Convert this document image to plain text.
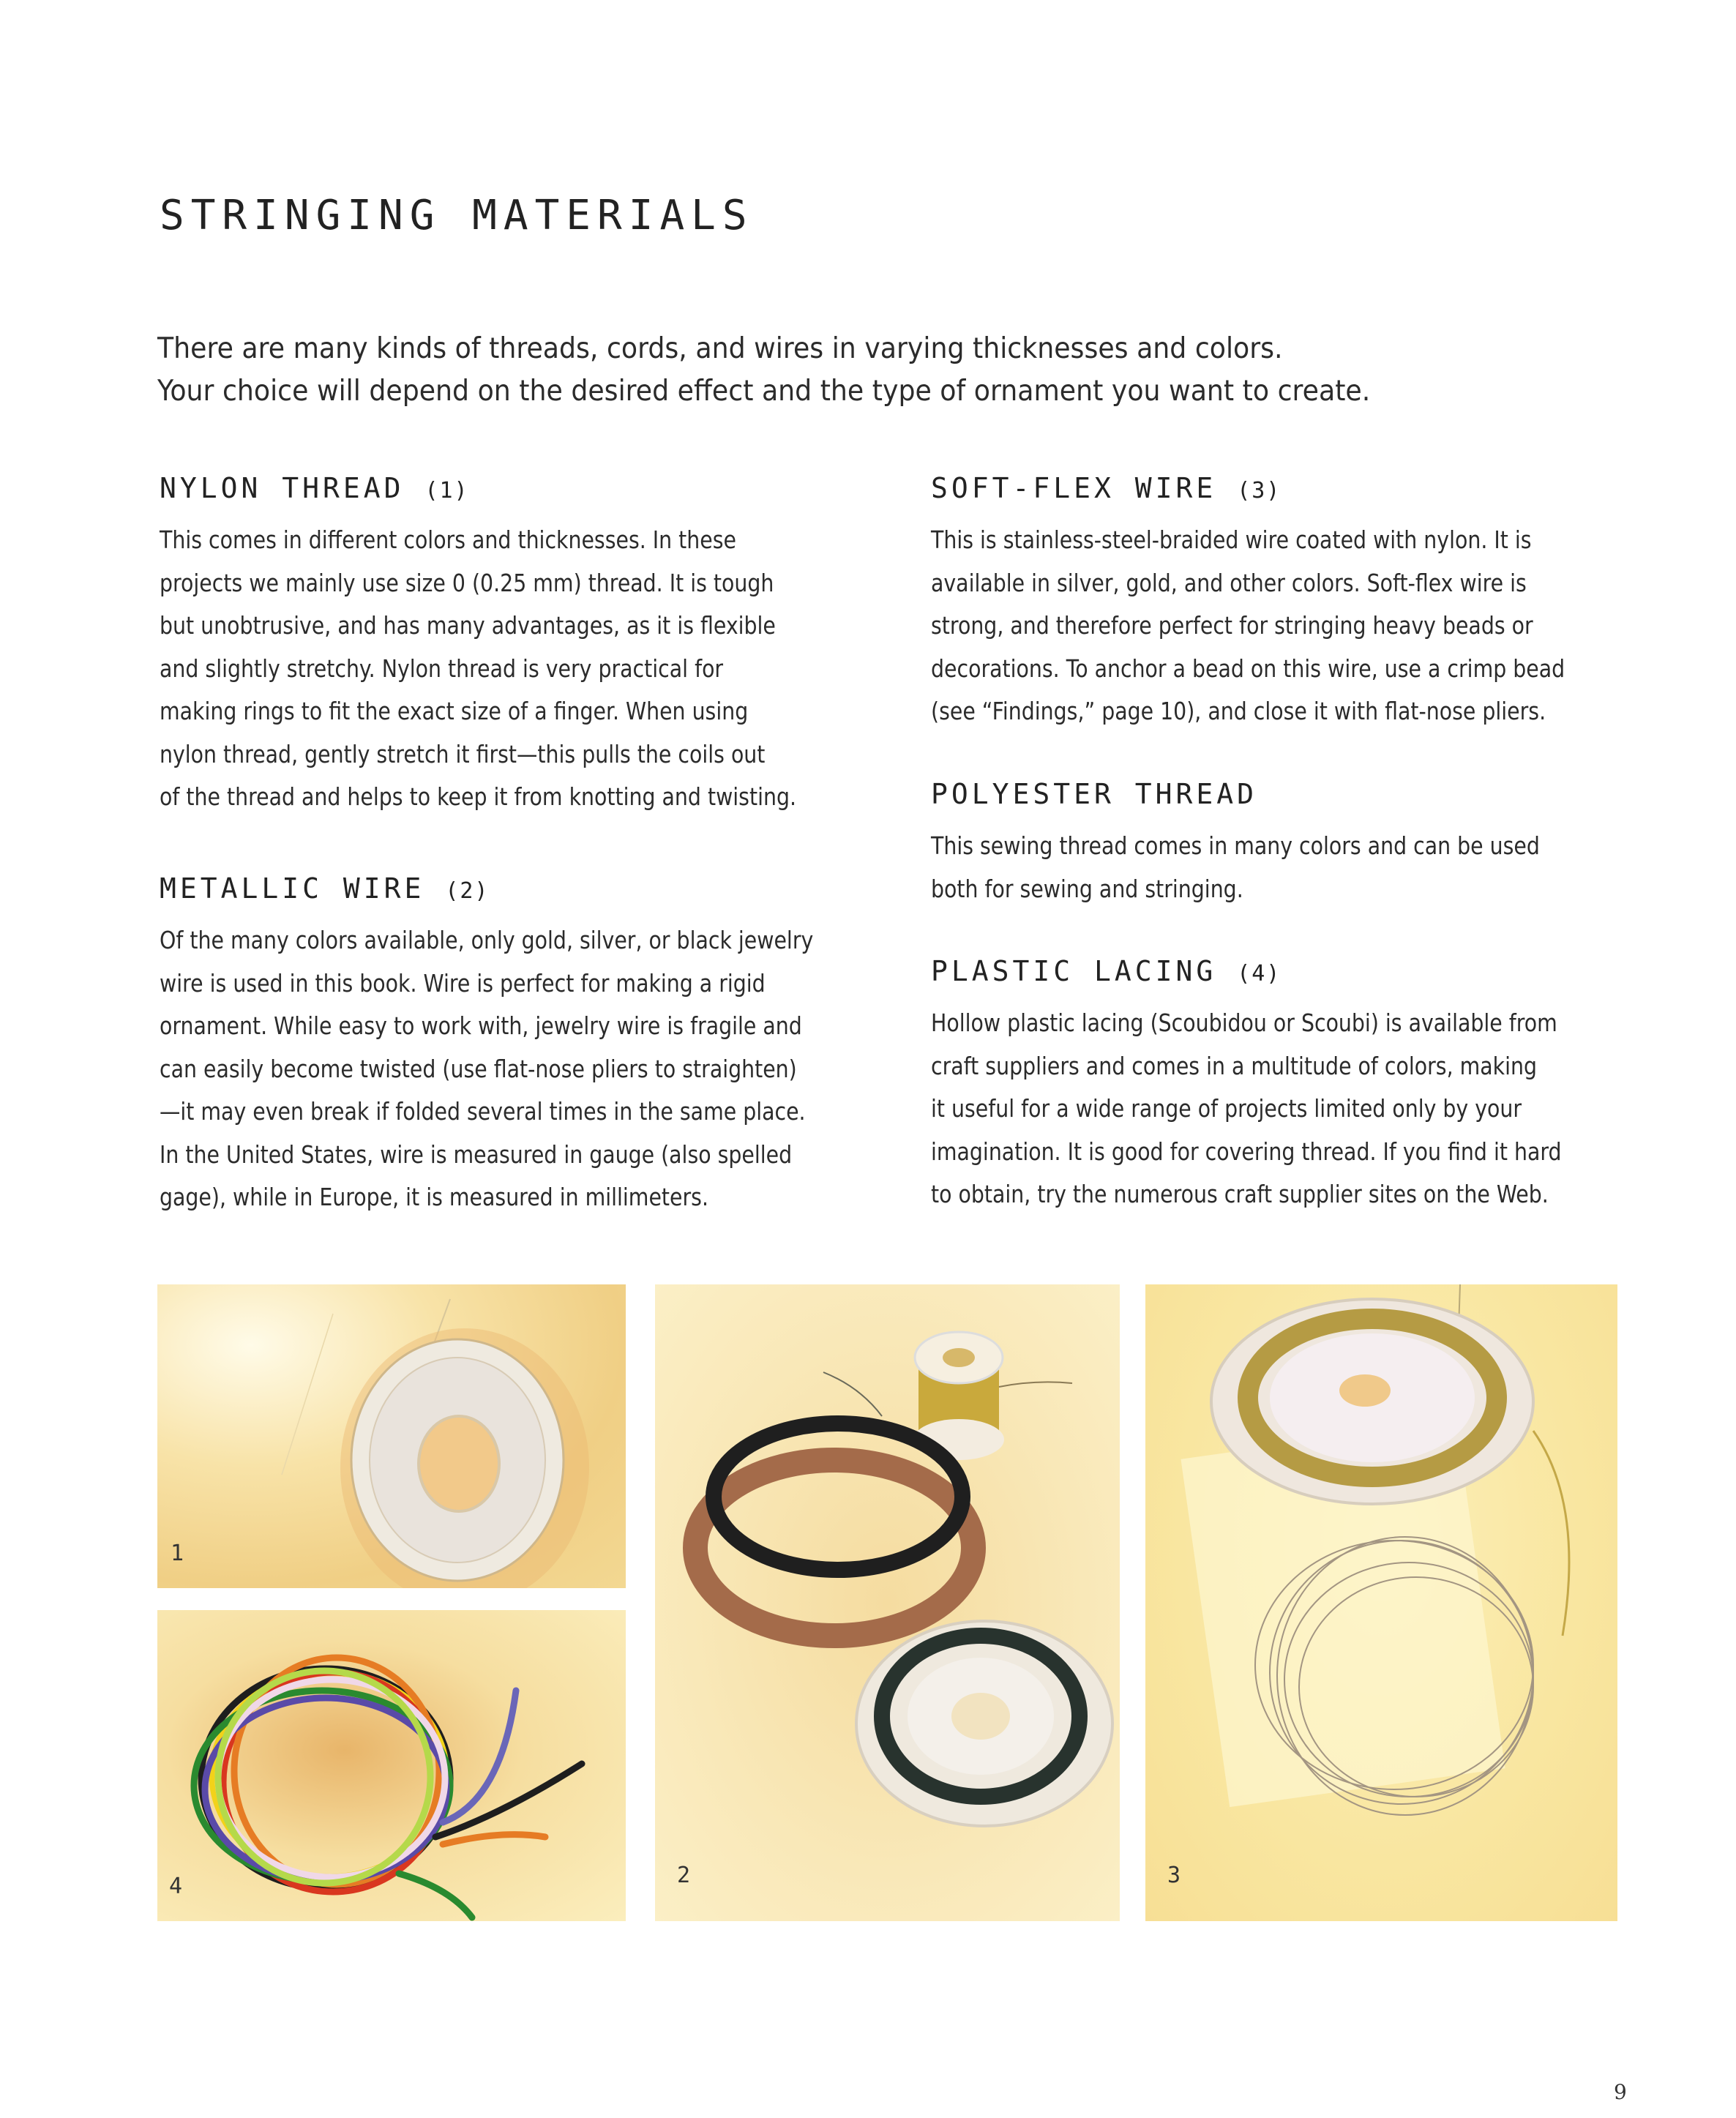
STRINGING MATERIALS

There are many kinds of threads, cords, and wires in varying thicknesses and colors.

Your choice will depend on the desired effect and the type of ornament you want to create.

NYLON THREAD (1)
This comes in different colors and thicknesses. In these
projects we mainly use size 0 (0.25 mm) thread. It is tough
but unobtrusive, and has many advantages, as it is flexible
and slightly stretchy. Nylon thread is very practical for
making rings to fit the exact size of a finger. When using
nylon thread, gently stretch it first—this pulls the coils out
of the thread and helps to keep it from knotting and twisting.
METALLIC WIRE (2)
Of the many colors available, only gold, silver, or black jewelry
wire is used in this book. Wire is perfect for making a rigid
ornament. While easy to work with, jewelry wire is fragile and
can easily become twisted (use flat-nose pliers to straighten)
—it may even break if folded several times in the same place.
In the United States, wire is measured in gauge (also spelled
gage), while in Europe, it is measured in millimeters.
SOFT-FLEX WIRE (3)
This is stainless-steel-braided wire coated with nylon. It is
available in silver, gold, and other colors. Soft-flex wire is
strong, and therefore perfect for stringing heavy beads or
decorations. To anchor a bead on this wire, use a crimp bead
(see “Findings,” page 10), and close it with flat-nose pliers.
POLYESTER THREAD
This sewing thread comes in many colors and can be used
both for sewing and stringing.
PLASTIC LACING (4)
Hollow plastic lacing (Scoubidou or Scoubi) is available from
craft suppliers and comes in a multitude of colors, making
it useful for a wide range of projects limited only by your
imagination. It is good for covering thread. If you find it hard
to obtain, try the numerous craft supplier sites on the Web.
1
4	2	3
9
